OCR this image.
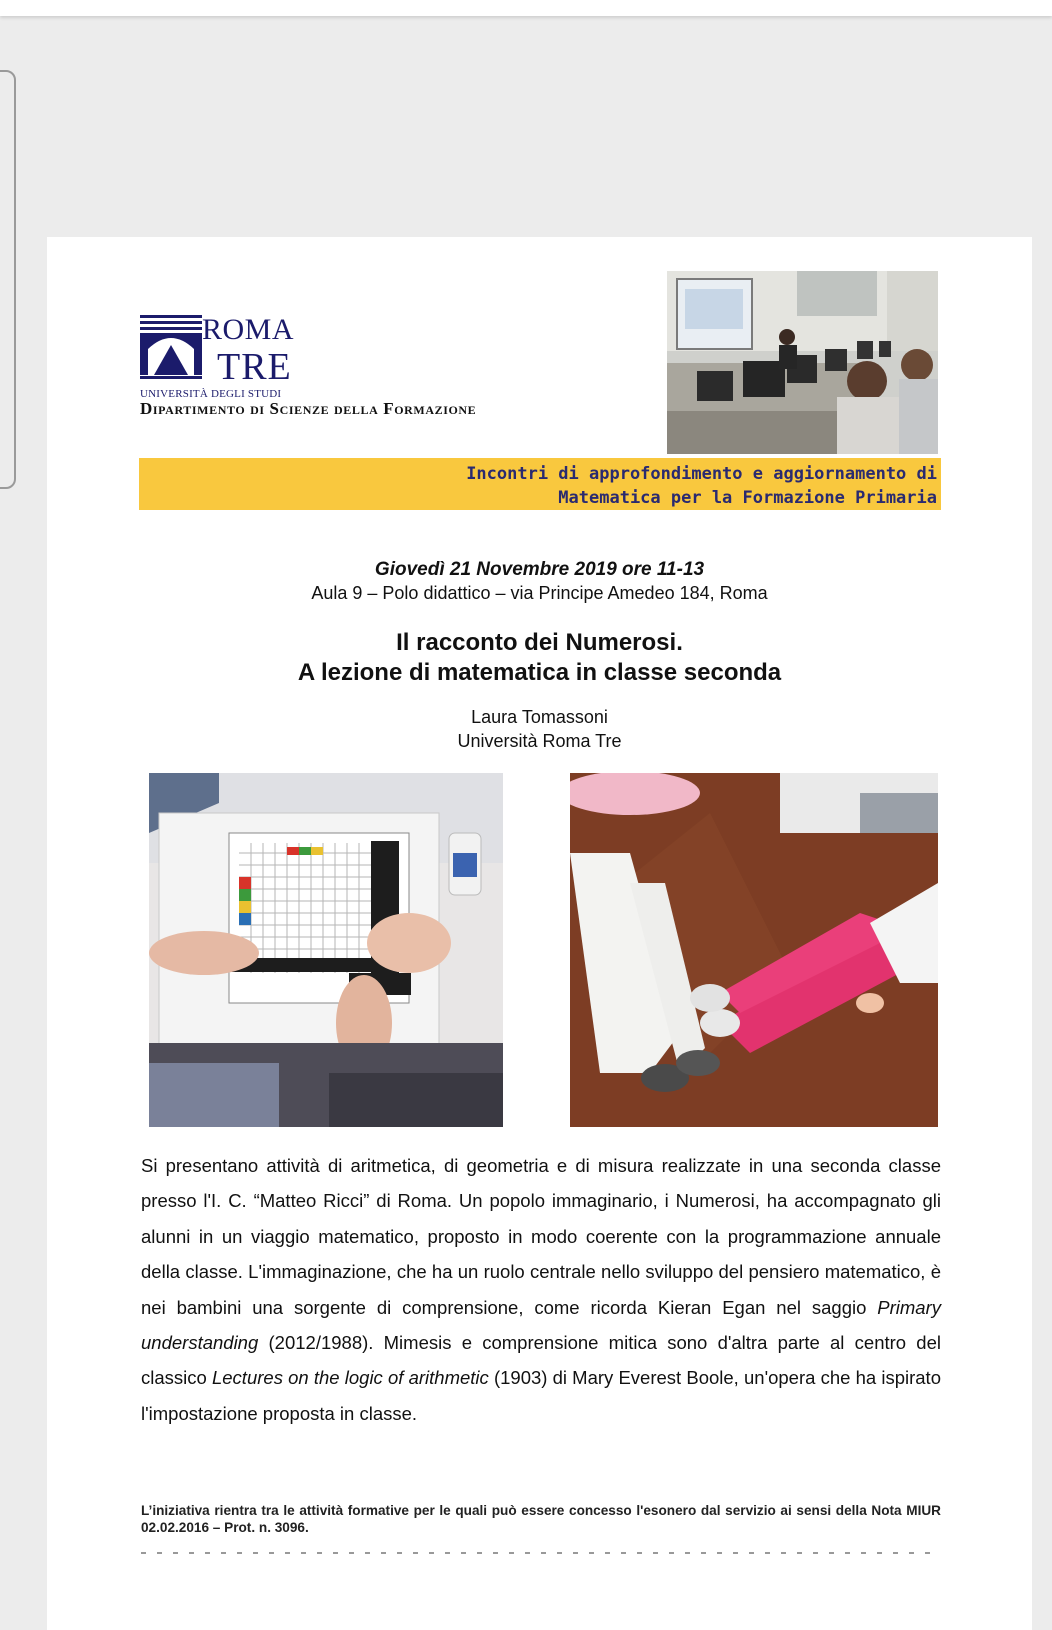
ROMA
TRE
UNIVERSITÀ DEGLI STUDI
Dipartimento di Scienze della Formazione
Incontri di approfondimento e aggiornamento di
Matematica per la Formazione Primaria
Giovedì 21 Novembre 2019 ore 11-13
Aula 9 – Polo didattico – via Principe Amedeo 184, Roma
Il racconto dei Numerosi.
A lezione di matematica in classe seconda
Laura Tomassoni
Università Roma Tre
Si presentano attività di aritmetica, di geometria e di misura realizzate in una seconda classe presso l'I. C. “Matteo Ricci” di Roma. Un popolo immaginario, i Numerosi, ha accompagnato gli alunni in un viaggio matematico, proposto in modo coerente con la programmazione annuale della classe. L'immaginazione, che ha un ruolo centrale nello sviluppo del pensiero matematico, è nei bambini una sorgente di comprensione, come ricorda Kieran Egan nel saggio Primary understanding (2012/1988). Mimesis e comprensione mitica sono d'altra parte al centro del classico Lectures on the logic of arithmetic (1903) di Mary Everest Boole, un'opera che ha ispirato l'impostazione proposta in classe.
L’iniziativa rientra tra le attività formative per le quali può essere concesso l'esonero dal servizio ai sensi della Nota MIUR 02.02.2016 – Prot. n. 3096.
